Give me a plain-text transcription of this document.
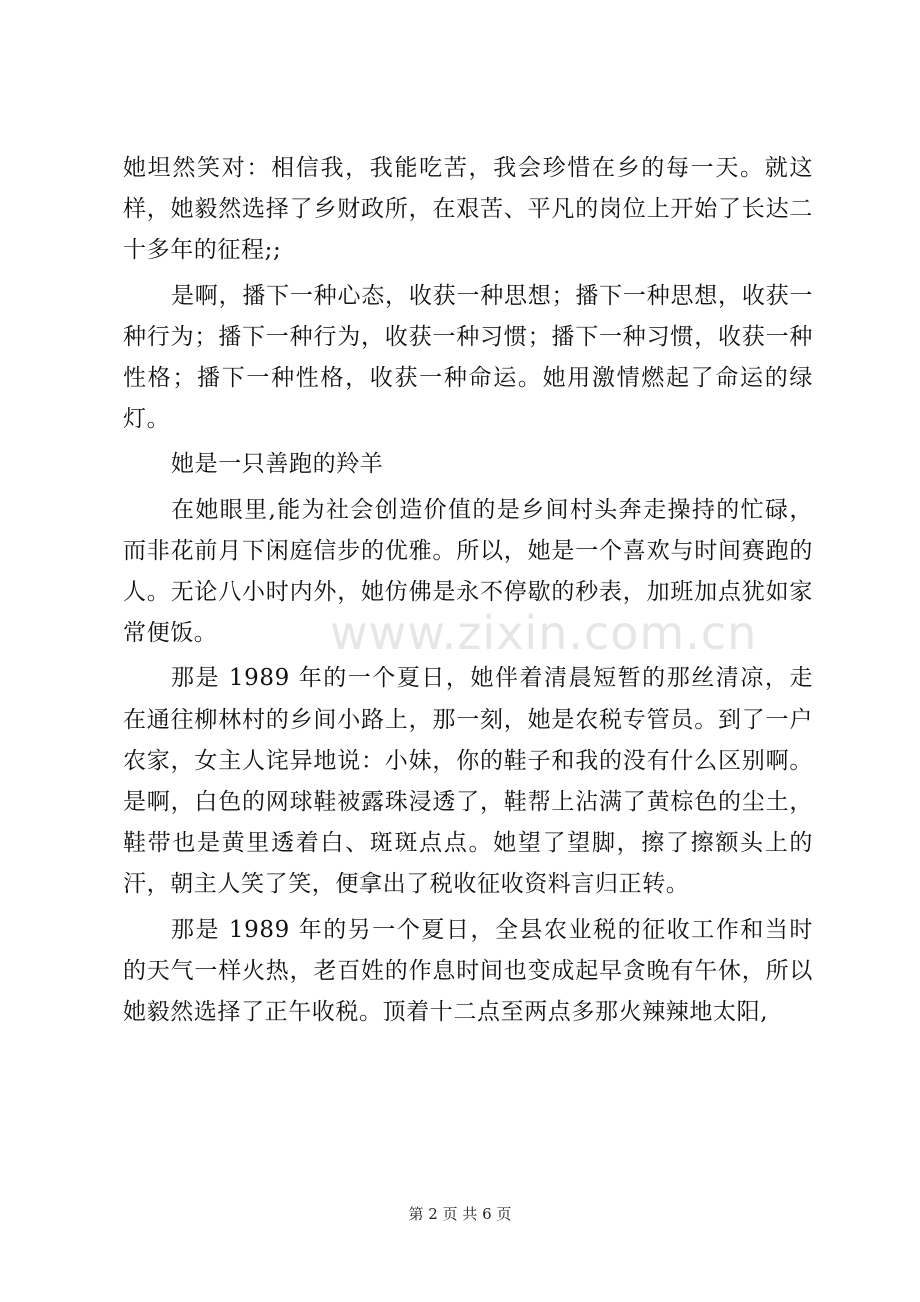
www.zixin.com.cn

她坦然笑对：相信我，我能吃苦，我会珍惜在乡的每一天。就这样，她毅然选择了乡财政所，在艰苦、平凡的岗位上开始了长达二十多年的征程;;

是啊，播下一种心态，收获一种思想；播下一种思想，收获一种行为；播下一种行为，收获一种习惯；播下一种习惯，收获一种性格；播下一种性格，收获一种命运。她用激情燃起了命运的绿灯。

她是一只善跑的羚羊

在她眼里,能为社会创造价值的是乡间村头奔走操持的忙碌，而非花前月下闲庭信步的优雅。所以，她是一个喜欢与时间赛跑的人。无论八小时内外，她仿佛是永不停歇的秒表，加班加点犹如家常便饭。

那是 1989 年的一个夏日，她伴着清晨短暂的那丝清凉，走在通往柳林村的乡间小路上，那一刻，她是农税专管员。到了一户农家，女主人诧异地说：小妹，你的鞋子和我的没有什么区别啊。是啊，白色的网球鞋被露珠浸透了，鞋帮上沾满了黄棕色的尘土，鞋带也是黄里透着白、斑斑点点。她望了望脚，擦了擦额头上的汗，朝主人笑了笑，便拿出了税收征收资料言归正转。

那是 1989 年的另一个夏日，全县农业税的征收工作和当时的天气一样火热，老百姓的作息时间也变成起早贪晚有午休，所以她毅然选择了正午收税。顶着十二点至两点多那火辣辣地太阳,

第 2 页 共 6 页
